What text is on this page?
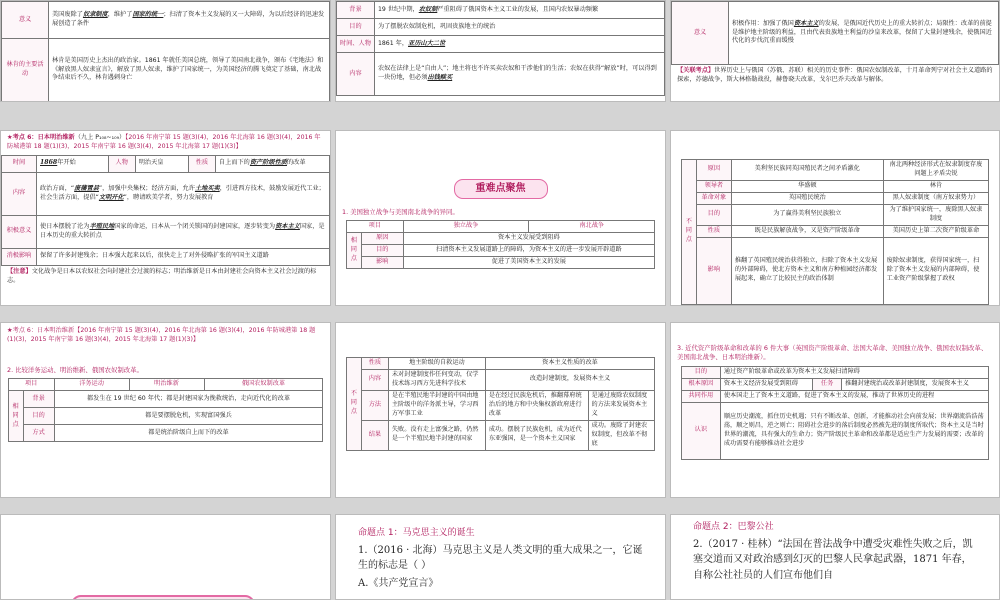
意义	美国废除了奴隶制度，维护了国家的统一；扫清了资本主义发展的又一大障碍，为以后经济的迅速发展创造了条件
林肯的主要活动	林肯是美国历史上杰出的政治家。1861 年就任美国总统，领导了美国南北战争，颁布《宅地法》和《解放黑人奴隶宣言》，解放了黑人奴隶，维护了国家统一，为美国经济的腾飞奠定了基础，南北战争结束后不久，林肯遇刺身亡
背景	19 世纪中期，农奴制严重阻碍了俄国资本主义工业的发展，且国内农奴暴动频繁
目的	为了摆脱农奴制危机，巩固贵族地主的统治
时间、人物	1861 年，亚历山大二世
内容	农奴在法律上是“自由人”；地主将也不许买卖农奴和干涉他们的生活；农奴在获得“解放”时，可以得到一块份地，但必须出钱赎买
意义	积极作用：加强了俄国资本主义的发展，是俄国近代历史上的重大转折点；局限性：改革的前提是维护地主阶级的利益，且由代表贵族地主利益的沙皇来改革，保留了大量封建残余，使俄国近代化的步伐沉重而缓慢
【关联考点】世界历史上与俄国（苏俄、苏联）相关的历史事件：俄国农奴制改革，十月革命列宁对社会主义道路的探索，苏德战争，斯大林格勒战役，赫鲁晓夫改革，戈尔巴乔夫改革与解体。
★考点 6：日本明治维新（九上 P₁₀₈~₁₀₉）【2016 年南宁第 15 题(3)(4)，2016 年北海第 16 题(3)(4)，2016 年防城港第 18 题(1)(3)，2015 年南宁第 16 题(3)(4)，2015 年北海第 17 题(1)(3)】
时间	1868年开始	人物	明治天皇	性质	自上而下的资产阶级性质的改革
内容	政治方面，“废藩置县”，加强中央集权；经济方面，允许土地买卖，引进西方技术，鼓励发展近代工业；社会生活方面，提倡“文明开化”，聘请欧美学者，努力发展教育				
积极意义	使日本摆脱了沦为半殖民地国家的命运，日本从一个闭关锁国的封建国家，逐步转变为资本主义国家，是日本历史的重大转折点				
消极影响	保留了许多封建残余；日本强大起来以后，很快走上了对外侵略扩张的军国主义道路				
【注意】文化战争是日本以农奴社会向封建社会过渡的标志；明治维新是日本由封建社会向资本主义社会过渡的标志。
重难点聚焦
1. 美国独立战争与美国南北战争的异同。
项目		独立战争	南北战争
相同点	原因	资本主义发展受到阻碍	
	目的	扫清资本主义发展道路上的障碍，为资本主义的进一步发展开辟道路	
	影响	促进了美国资本主义的发展	
不同点	原因	美利坚民族同英国殖民者之间矛盾激化	南北两种经济形式在奴隶制度存废问题上矛盾尖锐
	领导者	华盛顿	林肯
	革命对象	英国殖民统治	黑人奴隶制度（南方奴隶势力）
	目的	为了赢得美利坚民族独立	为了维护国家统一，废除黑人奴隶制度
	性质	既是民族解放战争，又是资产阶级革命	美国历史上第二次资产阶级革命
	影响	推翻了英国殖民统治获得独立，扫除了资本主义发展的外部障碍，使北方资本主义和南方种植园经济都发展起来，确立了比较民主的政治体制	废除奴隶制度，获得国家统一，扫除了资本主义发展的内部障碍，使工业资产阶级掌握了政权
★考点 6：日本明治维新【2016 年南宁第 15 题(3)(4)，2016 年北海第 16 题(3)(4)，2016 年防城港第 18 题(1)(3)，2015 年南宁第 16 题(3)(4)，2015 年北海第 17 题(1)(3)】
2. 比较洋务运动、明治维新、俄国农奴制改革。
项目		洋务运动	明治维新	俄国农奴制改革
相同点	背景	都发生在 19 世纪 60 年代；都是封建国家为挽救统治，走向近代化的改革		
	目的	都是要摆脱危机，实现富国强兵		
	方式	都是统治阶级自上而下的改革		
不同点	性质	地主阶级的自救运动	资本主义性质的改革	
	内容	未对封建制度作任何变动，仅学技术练习西方先进科学技术	改造封建制度，发展资本主义	
	方法	是在半殖民地半封建的中国由地主阶级中的洋务派主导，学习西方军事工业	是在经过民族危机后，推翻幕府统治后的地方和中央集权新政府进行改革	是通过废除农奴制度的方法来发展资本主义
	结果	失败。没有走上富强之路，仍然是一个半殖民地半封建的国家	成功。摆脱了民族危机，成为近代东亚强国，是一个资本主义国家	成功。废除了封建农奴制度，但改革不彻底
3. 近代资产阶级革命和改革的 6 件大事（英国资产阶级革命、法国大革命、美国独立战争、俄国农奴制改革、美国南北战争、日本明治维新）。
目的	通过资产阶级革命或改革为资本主义发展扫清障碍		
根本原因	资本主义经济发展受到阻碍	任务	推翻封建统治或改革封建制度，发展资本主义
共同作用	使本国走上了资本主义道路，促进了资本主义的发展，推动了世界历史的进程		
认识	顺应历史潮流，抓住历史机遇；只有不断改革、创新，才能推动社会向前发展；世界潮流浩浩荡荡，顺之则昌，逆之则亡；阻碍社会进步的落后制度必然被先进的制度所取代；资本主义是当时世界的潮流，具有强大的生命力；资产阶级民主革命和改革都是适应生产力发展的需要；改革的成功需要有能够推动社会进步		
命题点 1：马克思主义的诞生
1.（2016 · 北海）马克思主义是人类文明的重大成果之一，它诞生的标志是（ ）
A.《共产党宣言》
命题点 2：巴黎公社
2.（2017 · 桂林）“法国在普法战争中遭受灾难性失败之后，凯塞交道而又对政治感到幻灭的巴黎人民拿起武器，1871 年春，自称公社社员的人们宣布他们自
